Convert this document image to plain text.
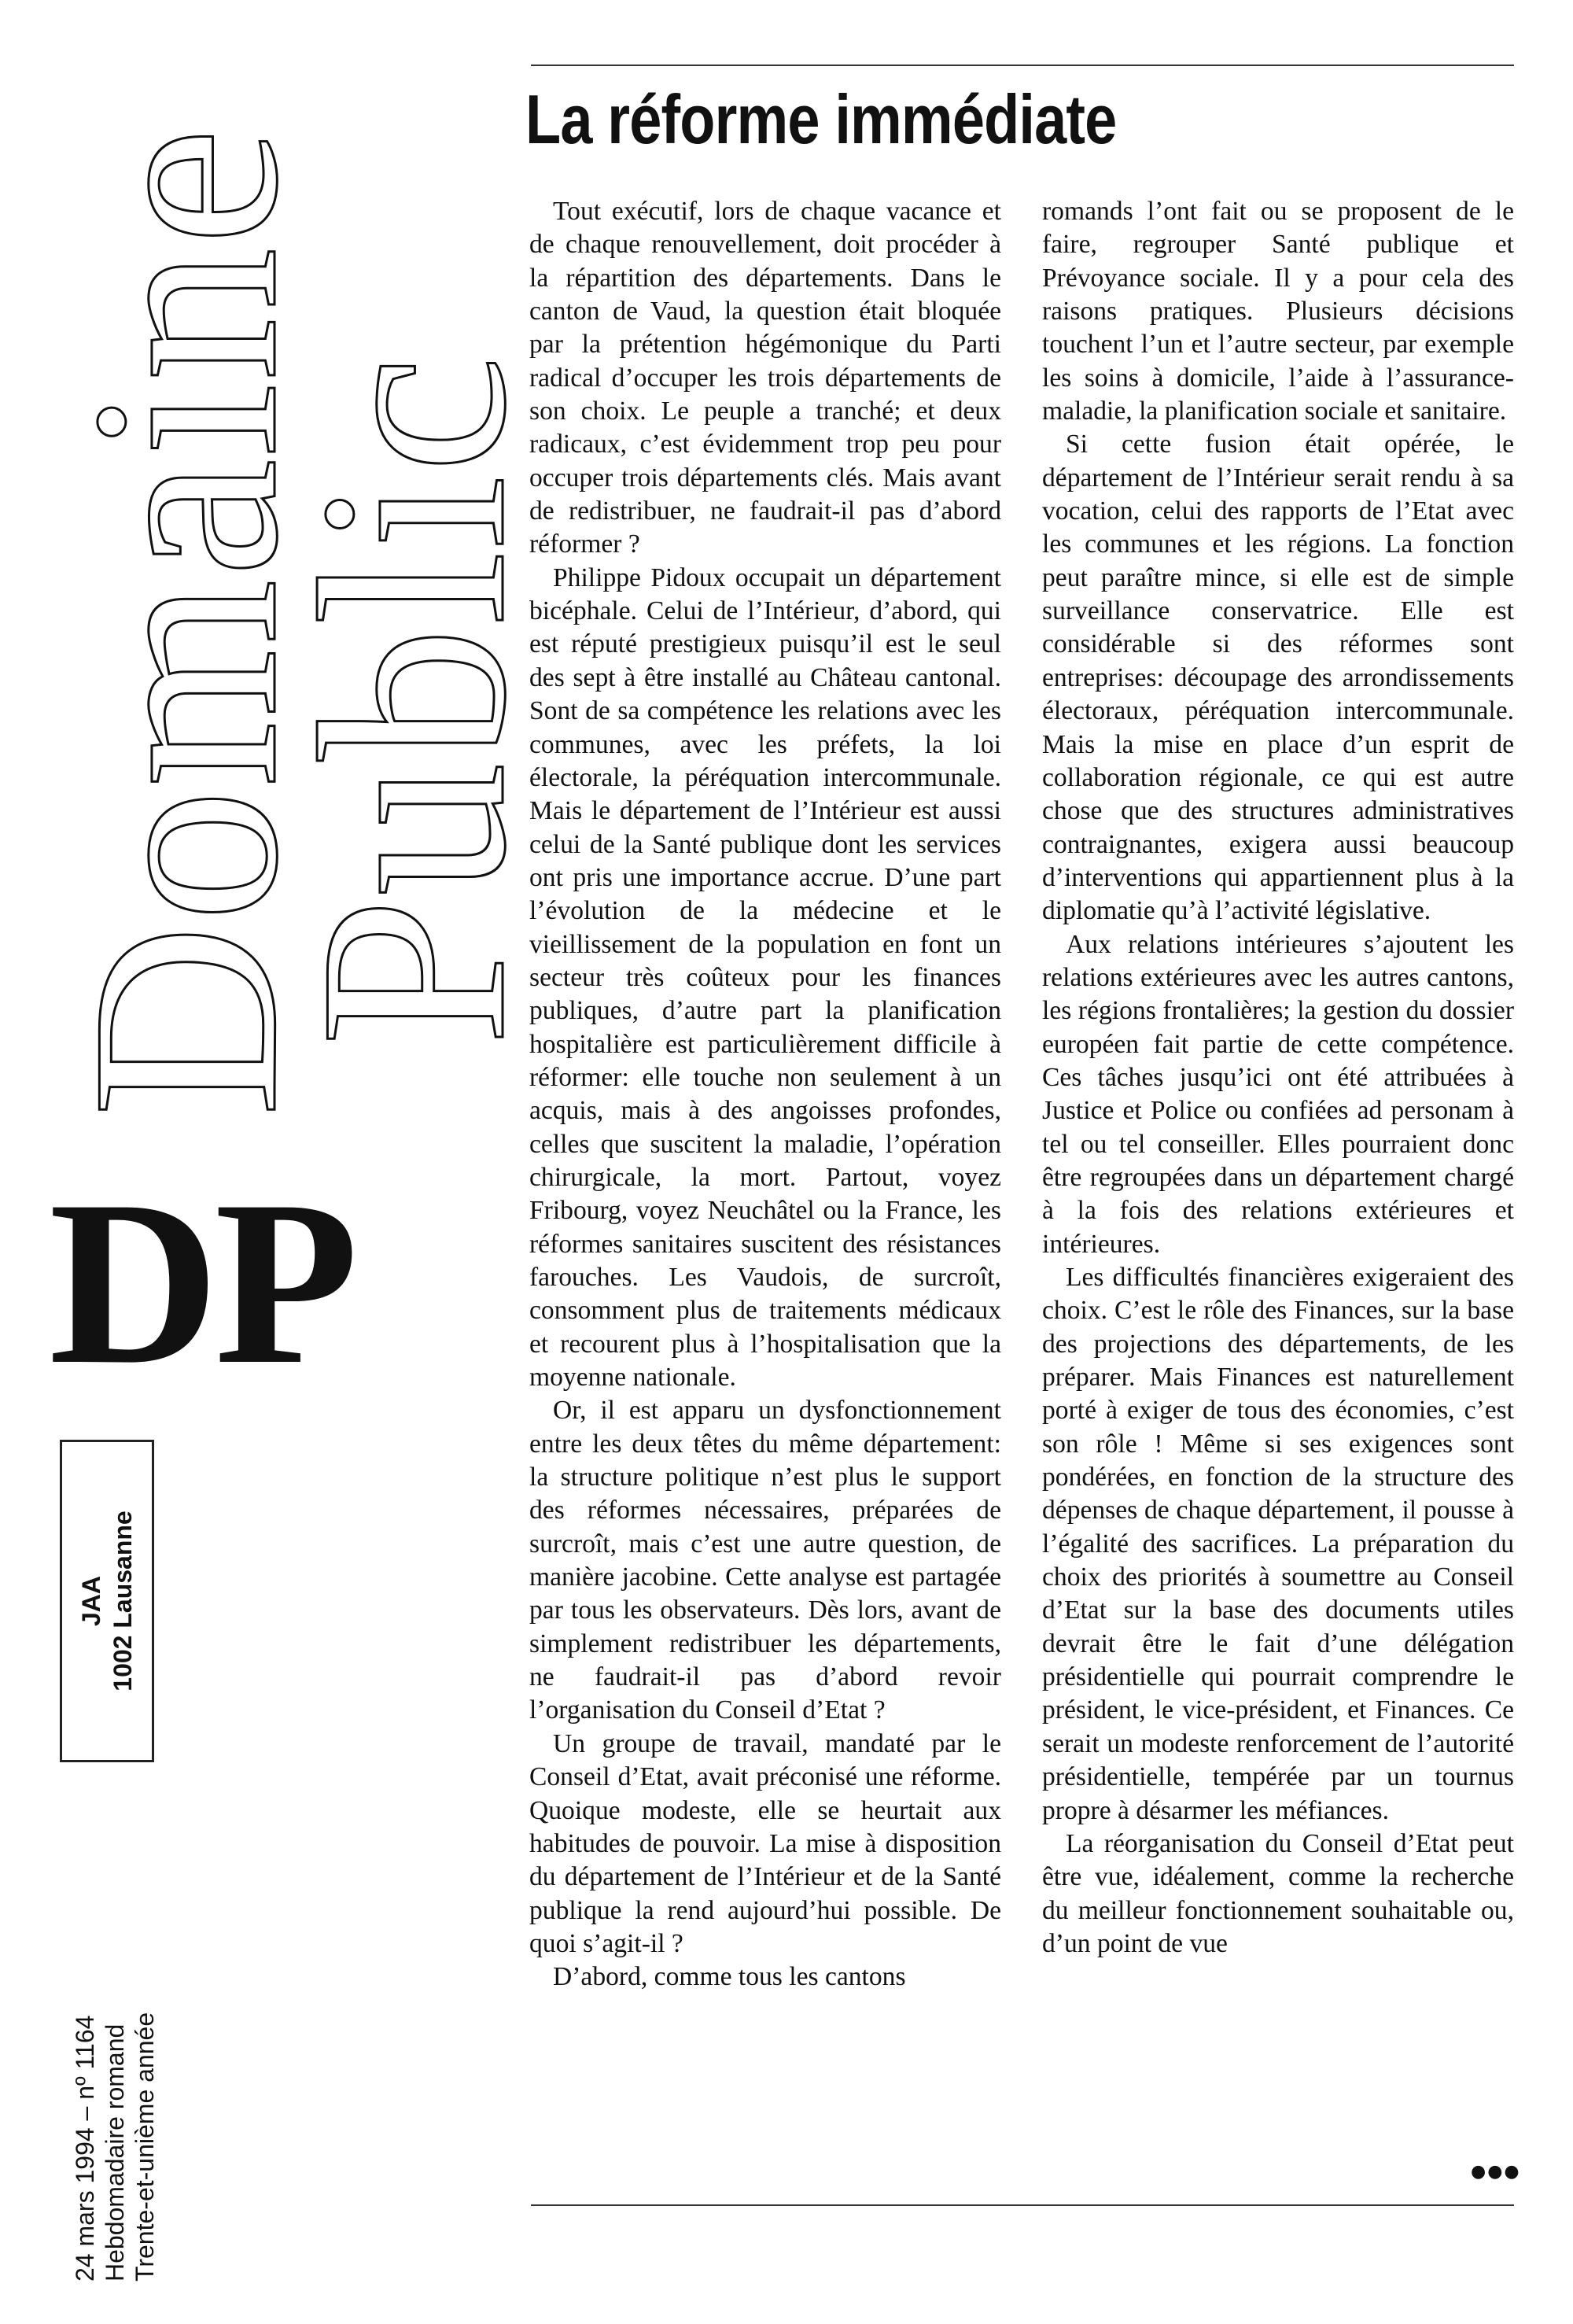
Domaine
Public
DP
JAA 1002 Lausanne
24 mars 1994 – nº 1164 Hebdomadaire romand Trente-et-unième année
La réforme immédiate

Tout exécutif, lors de chaque vacance et de chaque renouvellement, doit procéder à la répartition des départements. Dans le canton de Vaud, la question était bloquée par la prétention hégémonique du Parti radical d’occuper les trois départements de son choix. Le peuple a tranché; et deux radicaux, c’est évidemment trop peu pour occuper trois départements clés. Mais avant de redistribuer, ne faudrait-il pas d’abord réformer ?

Philippe Pidoux occupait un département bicéphale. Celui de l’Intérieur, d’abord, qui est réputé prestigieux puisqu’il est le seul des sept à être installé au Château cantonal. Sont de sa compétence les relations avec les communes, avec les préfets, la loi électorale, la péréquation intercommunale. Mais le département de l’Intérieur est aussi celui de la Santé publique dont les services ont pris une importance accrue. D’une part l’évolution de la médecine et le vieillissement de la population en font un secteur très coûteux pour les finances publiques, d’autre part la planification hospitalière est particulièrement difficile à réformer: elle touche non seulement à un acquis, mais à des angoisses profondes, celles que suscitent la maladie, l’opération chirurgicale, la mort. Partout, voyez Fribourg, voyez Neuchâtel ou la France, les réformes sanitaires suscitent des résistances farouches. Les Vaudois, de surcroît, consomment plus de traitements médicaux et recourent plus à l’hospitalisation que la moyenne nationale.

Or, il est apparu un dysfonctionnement entre les deux têtes du même département: la structure politique n’est plus le support des réformes nécessaires, préparées de surcroît, mais c’est une autre question, de manière jacobine. Cette analyse est partagée par tous les observateurs. Dès lors, avant de simplement redistribuer les départements, ne faudrait-il pas d’abord revoir l’organisation du Conseil d’Etat ?

Un groupe de travail, mandaté par le Conseil d’Etat, avait préconisé une réforme. Quoique modeste, elle se heurtait aux habitudes de pouvoir. La mise à disposition du département de l’Intérieur et de la Santé publique la rend aujourd’hui possible. De quoi s’agit-il ?

D’abord, comme tous les cantons

romands l’ont fait ou se proposent de le faire, regrouper Santé publique et Prévoyance sociale. Il y a pour cela des raisons pratiques. Plusieurs décisions touchent l’un et l’autre secteur, par exemple les soins à domicile, l’aide à l’assurance-maladie, la planification sociale et sanitaire.

Si cette fusion était opérée, le département de l’Intérieur serait rendu à sa vocation, celui des rapports de l’Etat avec les communes et les régions. La fonction peut paraître mince, si elle est de simple surveillance conservatrice. Elle est considérable si des réformes sont entreprises: découpage des arrondissements électoraux, péréquation intercommunale. Mais la mise en place d’un esprit de collaboration régionale, ce qui est autre chose que des structures administratives contraignantes, exigera aussi beaucoup d’interventions qui appartiennent plus à la diplomatie qu’à l’activité législative.

Aux relations intérieures s’ajoutent les relations extérieures avec les autres cantons, les régions frontalières; la gestion du dossier européen fait partie de cette compétence. Ces tâches jusqu’ici ont été attribuées à Justice et Police ou confiées ad personam à tel ou tel conseiller. Elles pourraient donc être regroupées dans un département chargé à la fois des relations extérieures et intérieures.

Les difficultés financières exigeraient des choix. C’est le rôle des Finances, sur la base des projections des départements, de les préparer. Mais Finances est naturellement porté à exiger de tous des économies, c’est son rôle ! Même si ses exigences sont pondérées, en fonction de la structure des dépenses de chaque département, il pousse à l’égalité des sacrifices. La préparation du choix des priorités à soumettre au Conseil d’Etat sur la base des documents utiles devrait être le fait d’une délégation présidentielle qui pourrait comprendre le président, le vice-président, et Finances. Ce serait un modeste renforcement de l’autorité présidentielle, tempérée par un tournus propre à désarmer les méfiances.

La réorganisation du Conseil d’Etat peut être vue, idéalement, comme la recherche du meilleur fonctionnement souhaitable ou, d’un point de vue

●●●
